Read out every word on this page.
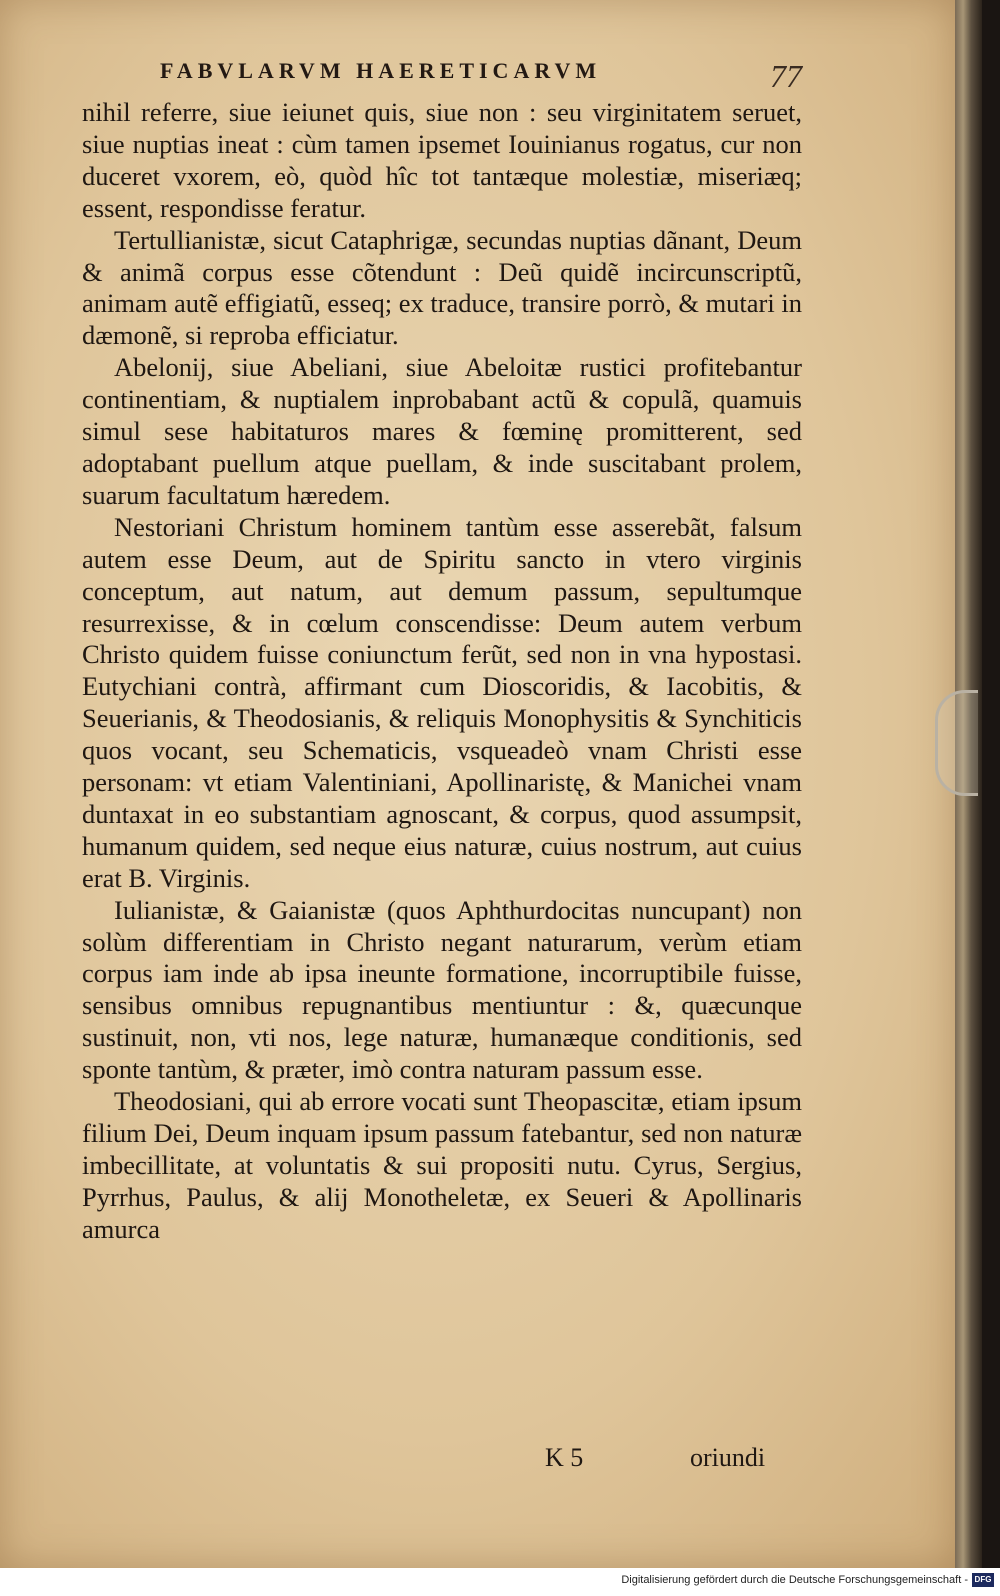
FABVLARVM HAERETICARVM	77

nihil referre, siue ieiunet quis, siue non : seu virginitatem seruet, siue nuptias ineat : cùm tamen ipsemet Iouinianus rogatus, cur non duceret vxorem, eò, quòd hîc tot tantæque molestiæ, miseriæq; essent, respondisse feratur.

Tertullianistæ, sicut Cataphrigæ, secundas nuptias dãnant, Deum & animã corpus esse cõtendunt : Deũ quidẽ incircunscriptũ, animam autẽ effigiatũ, esseq; ex traduce, transire porrò, & mutari in dæmonẽ, si reproba efficiatur.

Abelonij, siue Abeliani, siue Abeloitæ rustici profitebantur continentiam, & nuptialem inprobabant actũ & copulã, quamuis simul sese habitaturos mares & fœminę promitterent, sed adoptabant puellum atque puellam, & inde suscitabant prolem, suarum facultatum hæredem.

Nestoriani Christum hominem tantùm esse asserebãt, falsum autem esse Deum, aut de Spiritu sancto in vtero virginis conceptum, aut natum, aut demum passum, sepultumque resurrexisse, & in cœlum conscendisse: Deum autem verbum Christo quidem fuisse coniunctum ferũt, sed non in vna hypostasi. Eutychiani contrà, affirmant cum Dioscoridis, & Iacobitis, & Seuerianis, & Theodosianis, & reliquis Monophysitis & Synchiticis quos vocant, seu Schematicis, vsqueadeò vnam Christi esse personam: vt etiam Valentiniani, Apollinaristę, & Manichei vnam duntaxat in eo substantiam agnoscant, & corpus, quod assumpsit, humanum quidem, sed neque eius naturæ, cuius nostrum, aut cuius erat B. Virginis.

Iulianistæ, & Gaianistæ (quos Aphthurdocitas nuncupant) non solùm differentiam in Christo negant naturarum, verùm etiam corpus iam inde ab ipsa ineunte formatione, incorruptibile fuisse, sensibus omnibus repugnantibus mentiuntur : &, quæcunque sustinuit, non, vti nos, lege naturæ, humanæque conditionis, sed sponte tantùm, & præter, imò contra naturam passum esse.

Theodosiani, qui ab errore vocati sunt Theopascitæ, etiam ipsum filium Dei, Deum inquam ipsum passum fatebantur, sed non naturæ imbecillitate, at voluntatis & sui propositi nutu. Cyrus, Sergius, Pyrrhus, Paulus, & alij Monotheletæ, ex Seueri & Apollinaris amurca

K 5	oriundi
Digitalisierung gefördert durch die Deutsche Forschungsgemeinschaft - DFG
